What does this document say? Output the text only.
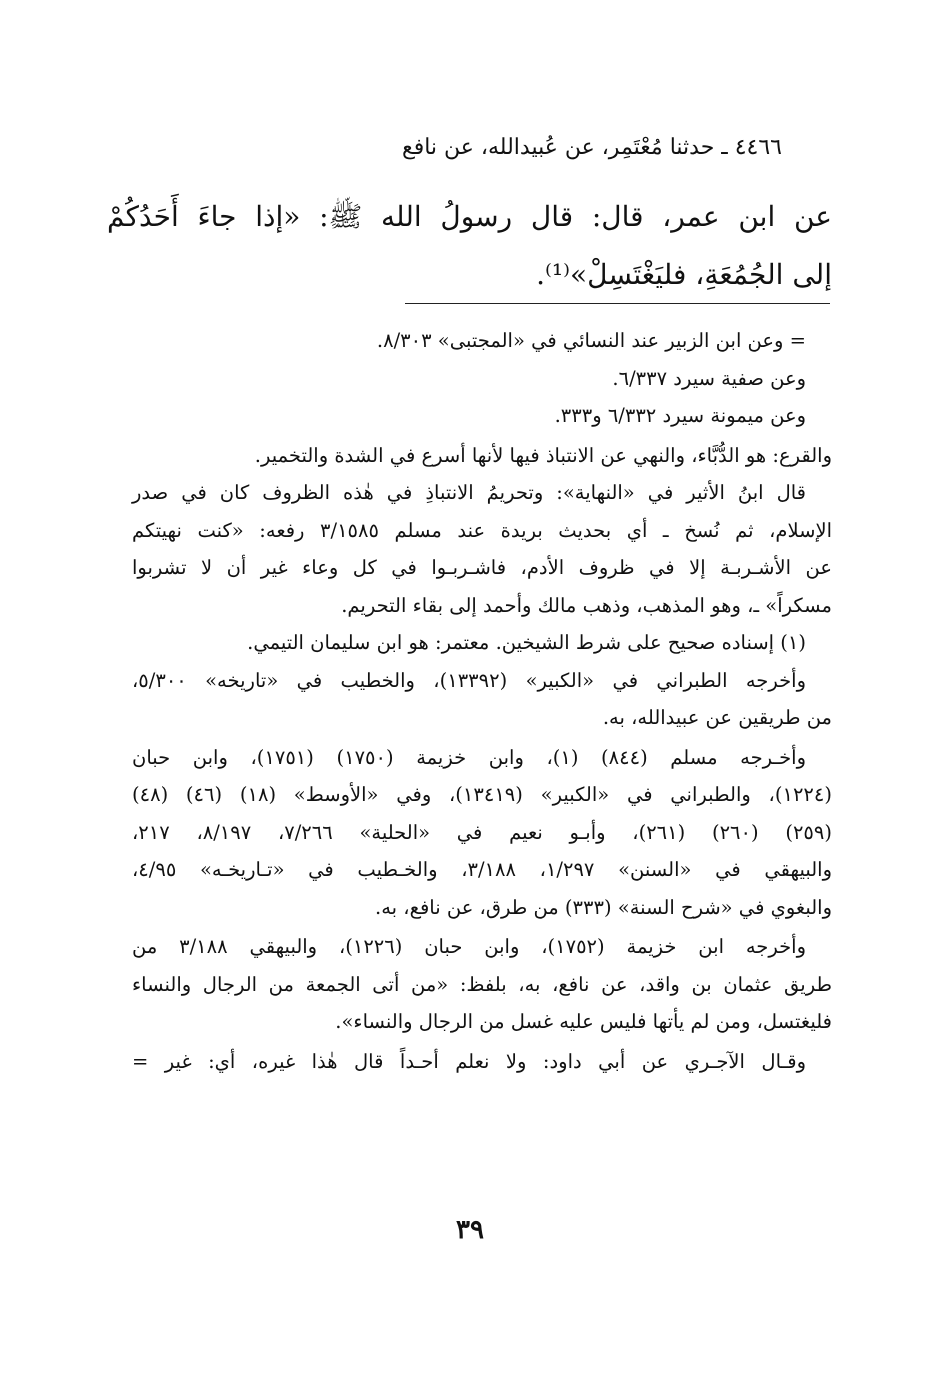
٤٤٦٦ ـ حدثنا مُعْتَمِر، عن عُبيدالله، عن نافع
عن ابن عمر، قال: قال رسولُ الله ﷺ: «إذا جاءَ أَحَدُكُمْ
إلى الجُمُعَةِ، فليَغْتَسِلْ»⁽¹⁾.
= وعن ابن الزبير عند النسائي في «المجتبى» ٨/٣٠٣.
وعن صفية سيرد ٦/٣٣٧.
وعن ميمونة سيرد ٦/٣٣٢ و٣٣٣.
والقرع: هو الدُّبَّاء، والنهي عن الانتباذ فيها لأنها أسرع في الشدة والتخمير.
قال ابنُ الأثير في «النهاية»: وتحريمُ الانتباذِ في هٰذه الظروف كان في صدر
الإسلام، ثم نُسخ ـ أي بحديث بريدة عند مسلم ٣/١٥٨٥ رفعه: «كنت نهيتكم
عن الأشـربـة إلا في ظروف الأدم، فاشـربـوا في كل وعاء غير أن لا تشربوا
مسكراً» ـ، وهو المذهب، وذهب مالك وأحمد إلى بقاء التحريم.
(١) إسناده صحيح على شرط الشيخين. معتمر: هو ابن سليمان التيمي.
وأخرجه الطبراني في «الكبير» (١٣٣٩٢)، والخطيب في «تاريخه» ٥/٣٠٠،
من طريقين عن عبيدالله، به.
وأخـرجه مسلم (٨٤٤) (١)، وابن خزيمة (١٧٥٠) (١٧٥١)، وابن حبان
(١٢٢٤)، والطبراني في «الكبير» (١٣٤١٩)، وفي «الأوسط» (١٨) (٤٦) (٤٨)
(٢٥٩) (٢٦٠) (٢٦١)، وأبـو نعيم في «الحلية» ٧/٢٦٦، ٨/١٩٧، ٢١٧،
والبيهقي في «السنن» ١/٢٩٧، ٣/١٨٨، والخـطيب في «تـاريخـه» ٤/٩٥،
والبغوي في «شرح السنة» (٣٣٣) من طرق، عن نافع، به.
وأخرجه ابن خزيمة (١٧٥٢)، وابن حبان (١٢٢٦)، والبيهقي ٣/١٨٨ من
طريق عثمان بن واقد، عن نافع، به، بلفظ: «من أتى الجمعة من الرجال والنساء
فليغتسل، ومن لم يأتها فليس عليه غسل من الرجال والنساء».
وقـال الآجـري عن أبي داود: ولا نعلم أحـداً قال هٰذا غيره، أي: غير =
٣٩
